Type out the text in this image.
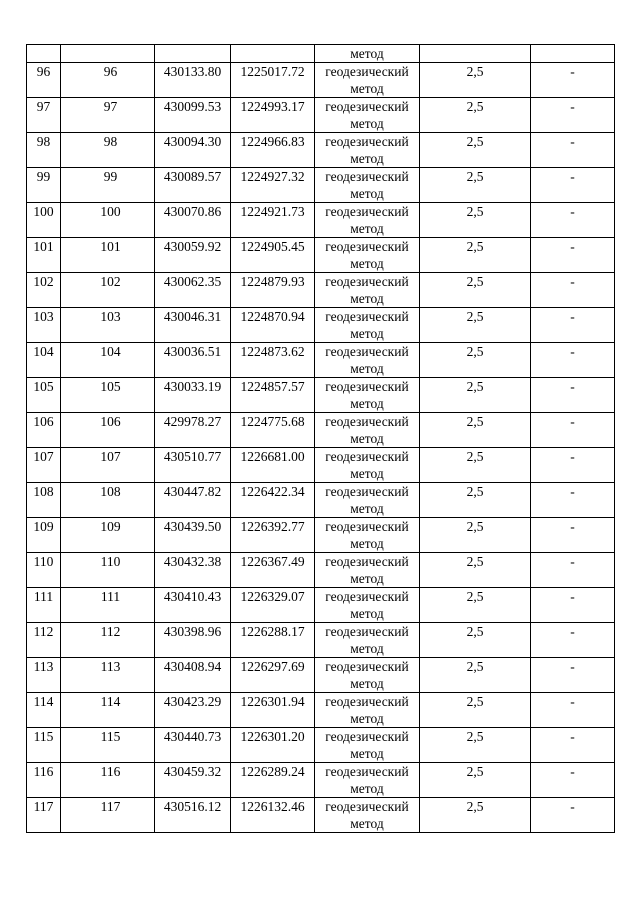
				метод		
96	96	430133.80	1225017.72	геодезический метод	2,5	-
97	97	430099.53	1224993.17	геодезический метод	2,5	-
98	98	430094.30	1224966.83	геодезический метод	2,5	-
99	99	430089.57	1224927.32	геодезический метод	2,5	-
100	100	430070.86	1224921.73	геодезический метод	2,5	-
101	101	430059.92	1224905.45	геодезический метод	2,5	-
102	102	430062.35	1224879.93	геодезический метод	2,5	-
103	103	430046.31	1224870.94	геодезический метод	2,5	-
104	104	430036.51	1224873.62	геодезический метод	2,5	-
105	105	430033.19	1224857.57	геодезический метод	2,5	-
106	106	429978.27	1224775.68	геодезический метод	2,5	-
107	107	430510.77	1226681.00	геодезический метод	2,5	-
108	108	430447.82	1226422.34	геодезический метод	2,5	-
109	109	430439.50	1226392.77	геодезический метод	2,5	-
110	110	430432.38	1226367.49	геодезический метод	2,5	-
111	111	430410.43	1226329.07	геодезический метод	2,5	-
112	112	430398.96	1226288.17	геодезический метод	2,5	-
113	113	430408.94	1226297.69	геодезический метод	2,5	-
114	114	430423.29	1226301.94	геодезический метод	2,5	-
115	115	430440.73	1226301.20	геодезический метод	2,5	-
116	116	430459.32	1226289.24	геодезический метод	2,5	-
117	117	430516.12	1226132.46	геодезический метод	2,5	-
